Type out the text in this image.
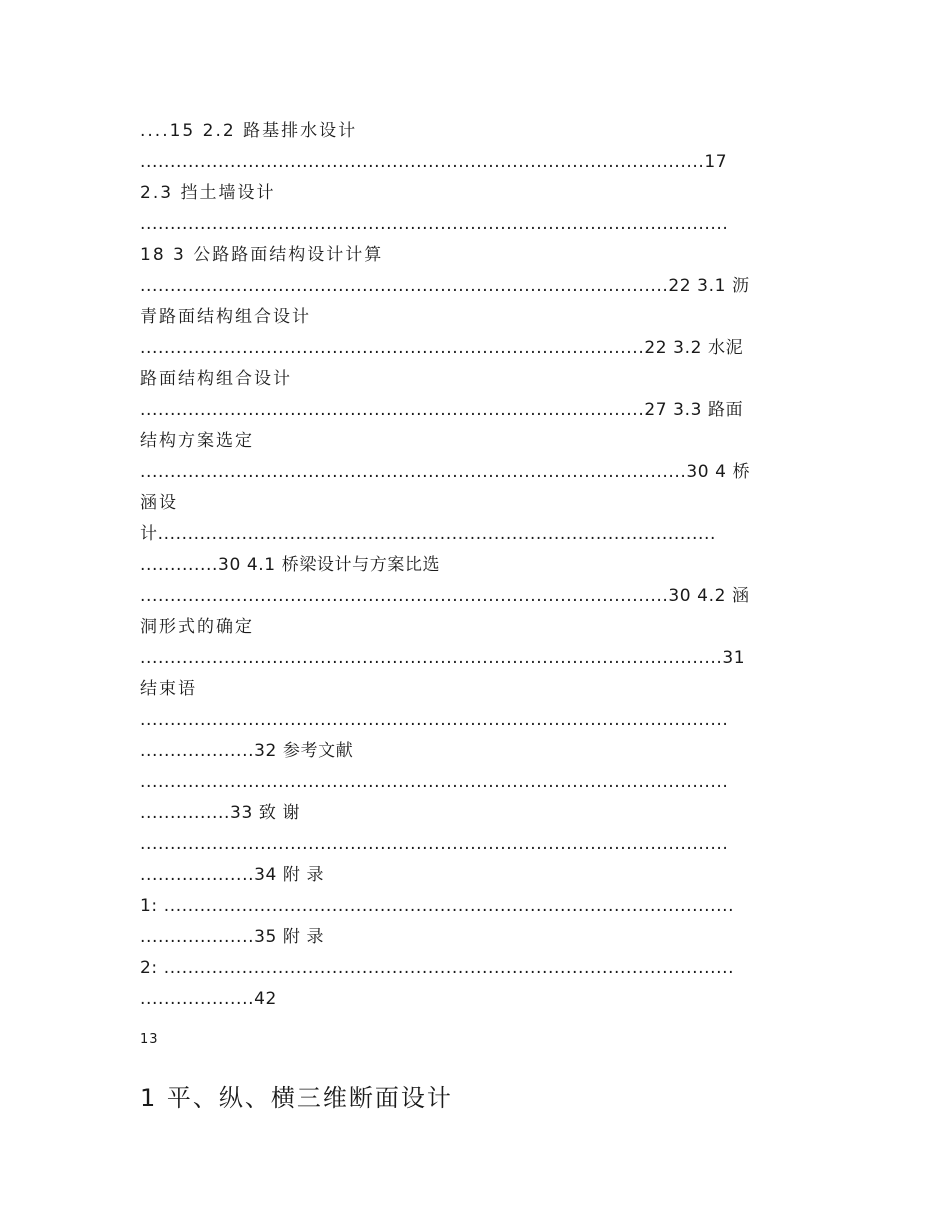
....15 2.2 路基排水设计
..............................................................................................17
2.3 挡土墙设计
..................................................................................................
18 3 公路路面结构设计计算
........................................................................................22 3.1 沥
青路面结构组合设计
....................................................................................22 3.2 水泥
路面结构组合设计
....................................................................................27 3.3 路面
结构方案选定
...........................................................................................30 4 桥
涵设
计.............................................................................................
.............30 4.1 桥梁设计与方案比选
........................................................................................30 4.2 涵
洞形式的确定
.................................................................................................31
结束语
..................................................................................................
...................32 参考文献
..................................................................................................
...............33 致 谢
..................................................................................................
...................34 附 录
1: ...............................................................................................
...................35 附 录
2: ...............................................................................................
...................42
13
1 平、纵、横三维断面设计
